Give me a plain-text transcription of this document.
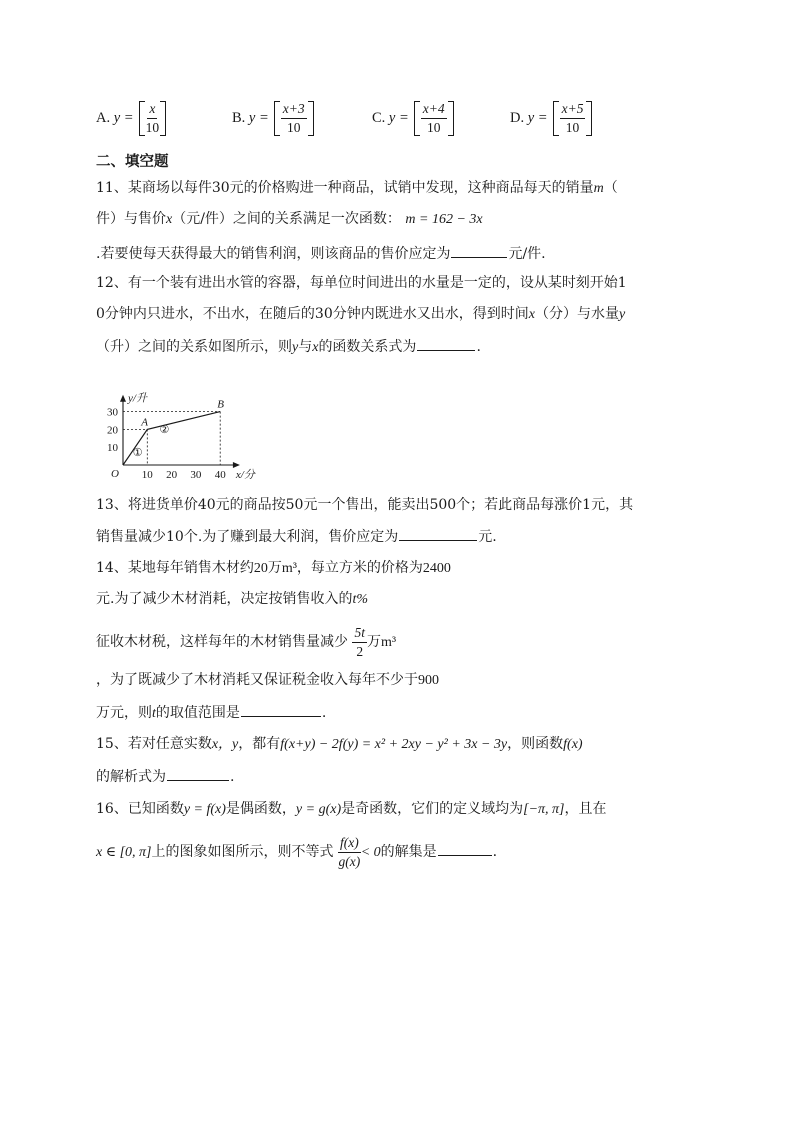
A.
$y = \frac{x}{10}$	B.
$y = \frac{x+3}{10}$	C.
$y = \frac{x+4}{10}$	D.
$y = \frac{x+5}{10}$
二、填空题
11、某商场以每件30元的价格购进一种商品，试销中发现，这种商品每天的销量m（
件）与售价x（元/件）之间的关系满足一次函数： m = 162 − 3x
.若要使每天获得最大的销售利润，则该商品的售价应定为	元/件.
12、有一个装有进出水管的容器，每单位时间进出的水量是一定的，设从某时刻开始1
0分钟内只进水，不出水，在随后的30分钟内既进水又出水，得到时间x（分）与水量y
（升）之间的关系如图所示，则y与x的函数关系式为	.
y/升
x/分
10 20 30 40
10
20
30
O
A
B
①
②
13、将进货单价40元的商品按50元一个售出，能卖出500个；若此商品每涨价1元，其
销售量减少10个.为了赚到最大利润，售价应定为	元.
14、某地每年销售木材约20万m³，每立方米的价格为2400
元.为了减少木材消耗，决定按销售收入的t%
征收木材税，这样每年的木材销售量减少 $\frac{5t}{2}$ 万m³
，为了既减少了木材消耗又保证税金收入每年不少于900
万元，则t的取值范围是	.
15、若对任意实数x，y，都有f(x+y) − 2f(y) = x² + 2xy − y² + 3x − 3y，则函数f(x)
的解析式为	.
16、已知函数y = f(x)是偶函数，y = g(x)是奇函数，它们的定义域均为[−π, π]，且在
x ∈ [0, π]上的图象如图所示，则不等式 $\frac{f(x)}{g(x)} < 0$的解集是	.
